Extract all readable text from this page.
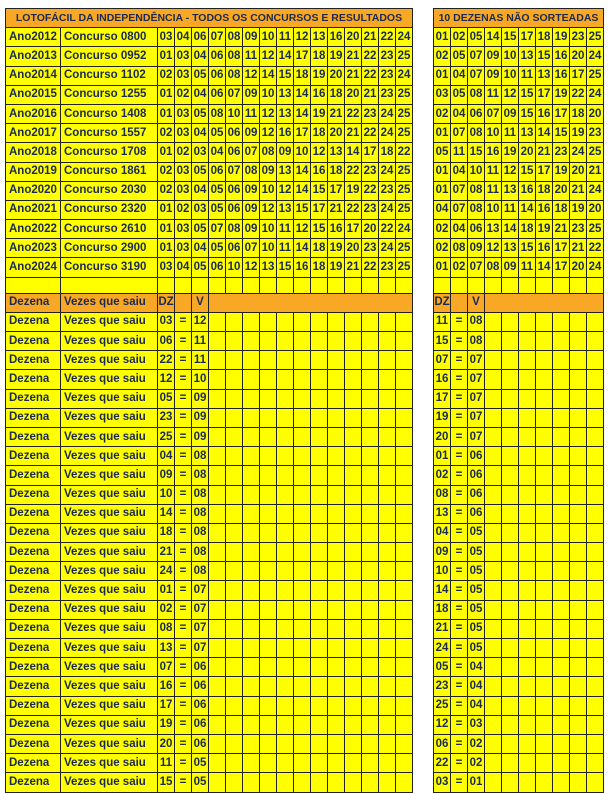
LOTOFÁCIL DA INDEPENDÊNCIA - TODOS OS CONCURSOS E RESULTADOS																
Ano2012	Concurso 0800	03	04	06	07	08	09	10	11	12	13	16	20	21	22	24
Ano2013	Concurso 0952	01	03	04	06	08	11	12	14	17	18	19	21	22	23	25
Ano2014	Concurso 1102	02	03	05	06	08	12	14	15	18	19	20	21	22	23	24
Ano2015	Concurso 1255	01	02	04	06	07	09	10	13	14	16	18	20	21	23	25
Ano2016	Concurso 1408	01	03	05	08	10	11	12	13	14	19	21	22	23	24	25
Ano2017	Concurso 1557	02	03	04	05	06	09	12	16	17	18	20	21	22	24	25
Ano2018	Concurso 1708	01	02	03	04	06	07	08	09	10	12	13	14	17	18	22
Ano2019	Concurso 1861	02	03	05	06	07	08	09	13	14	16	18	22	23	24	25
Ano2020	Concurso 2030	02	03	04	05	06	09	10	12	14	15	17	19	22	23	25
Ano2021	Concurso 2320	01	02	03	05	06	09	12	13	15	17	21	22	23	24	25
Ano2022	Concurso 2610	01	03	05	07	08	09	10	11	12	15	16	17	20	22	24
Ano2023	Concurso 2900	01	03	04	05	06	07	10	11	14	18	19	20	23	24	25
Ano2024	Concurso 3190	03	04	05	06	10	12	13	15	16	18	19	21	22	23	25

Dezena	Vezes que saiu	DZ		V												
Dezena	Vezes que saiu	03	=	12												
Dezena	Vezes que saiu	06	=	11												
Dezena	Vezes que saiu	22	=	11												
Dezena	Vezes que saiu	12	=	10												
Dezena	Vezes que saiu	05	=	09												
Dezena	Vezes que saiu	23	=	09												
Dezena	Vezes que saiu	25	=	09												
Dezena	Vezes que saiu	04	=	08												
Dezena	Vezes que saiu	09	=	08												
Dezena	Vezes que saiu	10	=	08												
Dezena	Vezes que saiu	14	=	08												
Dezena	Vezes que saiu	18	=	08												
Dezena	Vezes que saiu	21	=	08												
Dezena	Vezes que saiu	24	=	08												
Dezena	Vezes que saiu	01	=	07												
Dezena	Vezes que saiu	02	=	07												
Dezena	Vezes que saiu	08	=	07												
Dezena	Vezes que saiu	13	=	07												
Dezena	Vezes que saiu	07	=	06												
Dezena	Vezes que saiu	16	=	06												
Dezena	Vezes que saiu	17	=	06												
Dezena	Vezes que saiu	19	=	06												
Dezena	Vezes que saiu	20	=	06												
Dezena	Vezes que saiu	11	=	05												
Dezena	Vezes que saiu	15	=	05												
10 DEZENAS NÃO SORTEADAS									
01	02	05	14	15	17	18	19	23	25
02	05	07	09	10	13	15	16	20	24
01	04	07	09	10	11	13	16	17	25
03	05	08	11	12	15	17	19	22	24
02	04	06	07	09	15	16	17	18	20
01	07	08	10	11	13	14	15	19	23
05	11	15	16	19	20	21	23	24	25
01	04	10	11	12	15	17	19	20	21
01	07	08	11	13	16	18	20	21	24
04	07	08	10	11	14	16	18	19	20
02	04	06	13	14	18	19	21	23	25
02	08	09	12	13	15	16	17	21	22
01	02	07	08	09	11	14	17	20	24

DZ		V							
11	=	08							
15	=	08							
07	=	07							
16	=	07							
17	=	07							
19	=	07							
20	=	07							
01	=	06							
02	=	06							
08	=	06							
13	=	06							
04	=	05							
09	=	05							
10	=	05							
14	=	05							
18	=	05							
21	=	05							
24	=	05							
05	=	04							
23	=	04							
25	=	04							
12	=	03							
06	=	02							
22	=	02							
03	=	01							
